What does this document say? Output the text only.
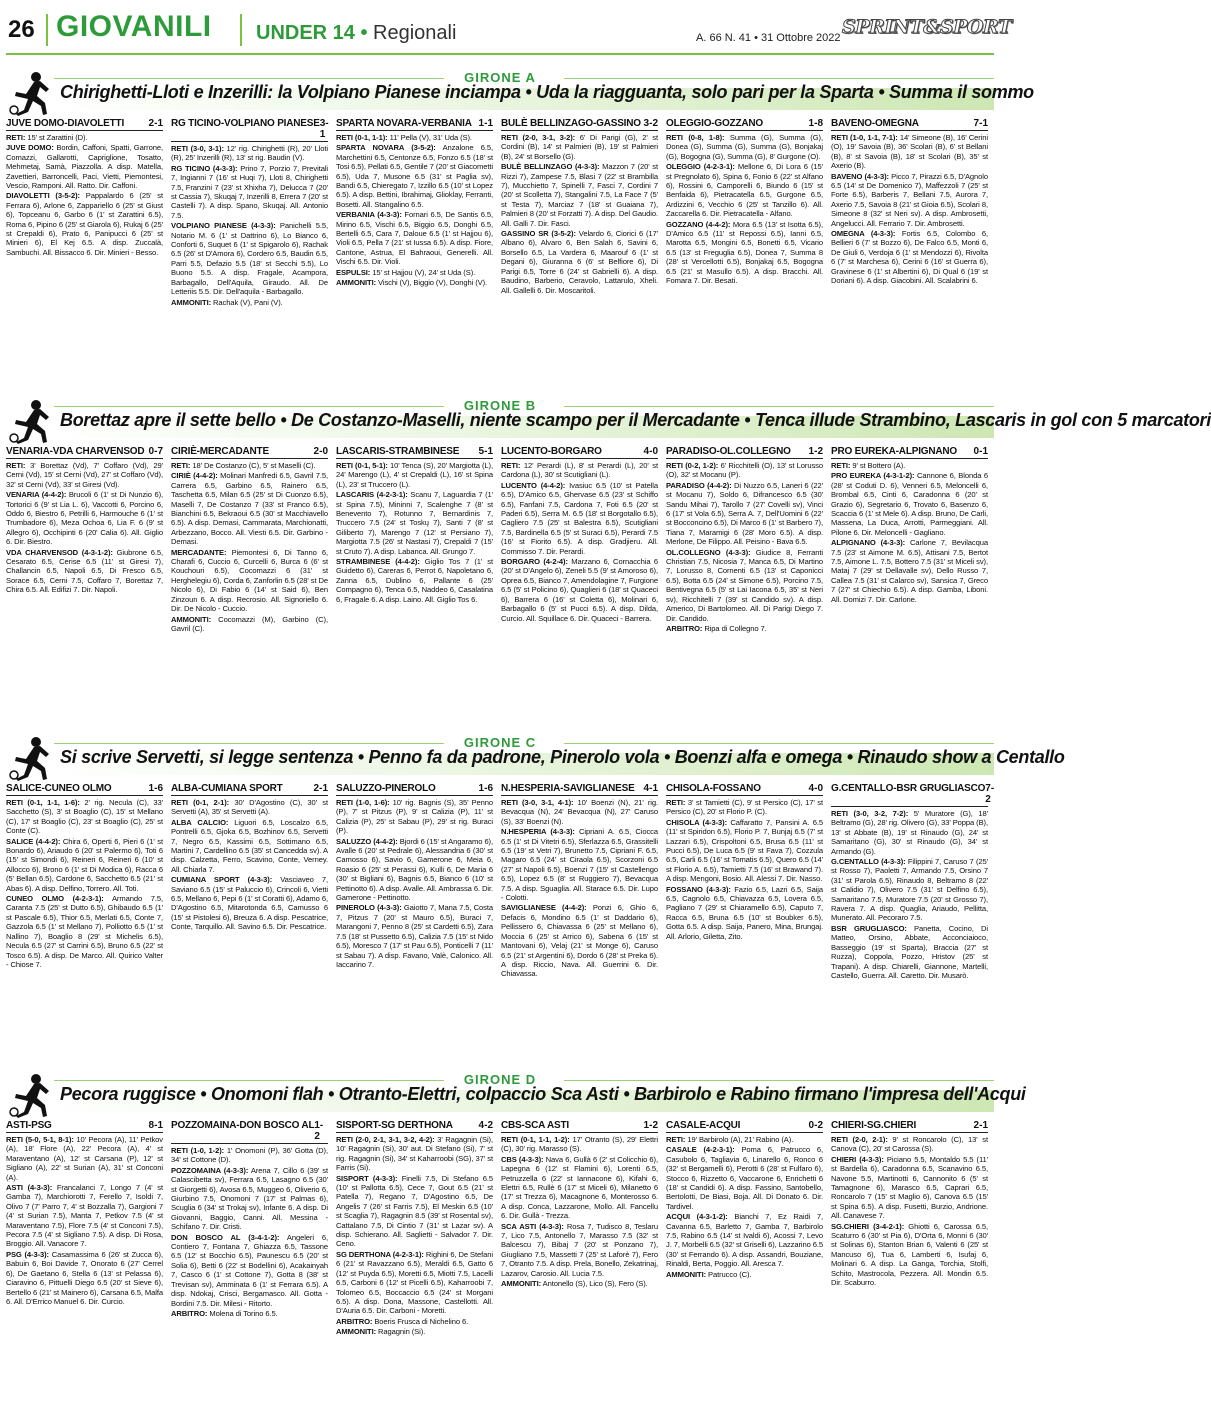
26 GIOVANILI UNDER 14 • Regionali	A. 66 N. 41 • 31 Ottobre 2022 SPRINT&SPORT
GIRONE A
Chirighetti-Lloti e Inzerilli: la Volpiano Pianese inciampa • Uda la riagguanta, solo pari per la Sparta • Summa il sommo
JUVE DOMO-DIAVOLETTI 2-1

RETI: 15' st Zarattini (D).

JUVE DOMO: Bordin, Caffoni, Spatti, Garrone, Comazzi, Gallarotti, Capriglione, Tosatto, Mehmetaj, Samà, Piazzolla. A disp. Matella, Zavettieri, Barroncelli, Paci, Vietti, Piemontesi, Vescio, Ramponi. All. Ratto. Dir. Caffoni.

DIAVOLETTI (3-5-2): Pappalardo 6 (25' st Ferrara 6), Arlone 6, Zappariello 6 (25' st Giust 6), Topceanu 6, Garbo 6 (1' st Zarattini 6.5), Roma 6, Pipino 6 (25' st Giarola 6), Rukaj 6 (25' st Crepaldi 6), Prato 6, Panipucci 6 (25' st Minieri 6), El Kej 6.5. A disp. Zuccalà, Sambuchi. All. Bissacco 6. Dir. Minieri - Besso.

RG TICINO-VOLPIANO PIANESE 3-1

RETI (3-0, 3-1): 12' rig. Chirighetti (R), 20' Lloti (R), 25' Inzerilli (R), 13' st rig. Baudin (V).

RG TICINO (4-3-3): Prino 7, Porzio 7, Previtali 7, Ingianni 7 (16' st Huqi 7), Lloti 8, Chirighetti 7.5, Franzini 7 (23' st Xhixha 7), Delucca 7 (20' st Cassia 7), Skuqaj 7, Inzerilli 8, Errera 7 (20' st Castelli 7). A disp. Spano, Skuqaj. All. Antonio 7.5.

VOLPIANO PIANESE (4-3-3): Panichelli 5.5, Notario M. 6 (1' st Dattrino 6), Lo Bianco 6, Conforti 6, Suquet 6 (1' st Spigarolo 6), Rachak 6.5 (26' st D'Amora 6), Cordero 6.5, Baudin 6.5, Parri 5.5, Defazio 5.5 (18' st Secchi 5.5), Lo Buono 5.5. A disp. Fragale, Acampora, Barbagallo, Dell'Aquila, Giraudo. All. De Letteriis 5.5. Dir. Dell'aquila - Barbagallo.

AMMONITI: Rachak (V), Pani (V).

SPARTA NOVARA-VERBANIA 1-1

RETI (0-1, 1-1): 11' Pella (V), 31' Uda (S).

SPARTA NOVARA (3-5-2): Anzalone 6.5, Marchettini 6.5, Centonze 6.5, Fonzo 6.5 (18' st Tosi 6.5), Pellati 6.5, Gentile 7 (20' st Giacometti 6.5), Uda 7, Musone 6.5 (31' st Paglia sv), Bandi 6.5, Chieregato 7, Izzillo 6.5 (10' st Lopez 6.5). A disp. Bettini, Ibrahimaj, Glioklay, Ferranti, Bosetti. All. Stangalino 6.5.

VERBANIA (4-3-3): Fornari 6.5, De Santis 6.5, Mirino 6.5, Vischi 6.5, Biggio 6.5, Donghi 6.5, Bertelli 6.5, Cara 7, Daloue 6.5 (1' st Hajjou 6), Violi 6.5, Pella 7 (21' st Iussa 6.5). A disp. Fiore, Cantone, Astrua, El Bahraoui, Generelli. All. Vischi 6.5. Dir. Violi.

ESPULSI: 15' st Hajjou (V), 24' st Uda (S).

AMMONITI: Vischi (V), Biggio (V), Donghi (V).

BULÈ BELLINZAGO-GASSINO 3-2

RETI (2-0, 3-1, 3-2): 6' Di Parigi (G), 2' st Cordini (B), 14' st Palmieri (B), 19' st Palmieri (B), 24' st Borsello (G).

BULÈ BELLINZAGO (4-3-3): Mazzon 7 (20' st Rizzi 7), Zampese 7.5, Blasi 7 (22' st Brambilla 7), Mucchietto 7, Spinelli 7, Fasci 7, Cordini 7 (20' st Scolletta 7), Stangalini 7.5, La Face 7 (5' st Testa 7), Marciaz 7 (18' st Guaiana 7), Palmieri 8 (20' st Forzatti 7). A disp. Del Gaudio. All. Galli 7. Dir. Fasci.

GASSINO SR (3-5-2): Velardo 6, Ciorici 6 (17' Albano 6), Alvaro 6, Ben Salah 6, Savini 6, Borsello 6.5, La Vardera 6, Maarouf 6 (1' st Degani 6), Giuranna 6 (6' st Belfiore 6), Di Parigi 6.5, Torre 6 (24' st Gabrielli 6). A disp. Baudino, Barberio, Ceravolo, Lattarulo, Xheli. All. Gallelli 6. Dir. Moscaritoli.

OLEGGIO-GOZZANO	1-8

RETI (0-8, 1-8): Summa (G), Summa (G), Donea (G), Summa (G), Summa (G), Bonjakaj (G), Bogogna (G), Summa (G), 8' Gurgone (O).

OLEGGIO (4-2-3-1): Mellone 6, Di Lora 6 (15' st Pregnolato 6), Spina 6, Fonio 6 (22' st Alfano 6), Rossini 6, Camporelli 6, Biundo 6 (15' st Benfaida 6), Pietracatella 6.5, Gurgone 6.5, Ardizzini 6, Vecchio 6 (25' st Tanzillo 6). All. Zaccarella 6. Dir. Pietracatella - Alfano.

GOZZANO (4-4-2): Mora 6.5 (13' st Isotta 6.5), D'Amico 6.5 (11' st Repossi 6.5), Ianni 6.5, Marotta 6.5, Mongini 6.5, Bonetti 6.5, Vicario 6.5 (13' st Freguglia 6.5), Donea 7, Summa 8 (28' st Vercellotti 6.5), Bonjakaj 6.5, Bogogna 6.5 (21' st Masullo 6.5). A disp. Bracchi. All. Fomara 7. Dir. Besati.

BAVENO-OMEGNA	7-1

RETI (1-0, 1-1, 7-1): 14' Simeone (B), 16' Cerini (O), 19' Savoia (B), 36' Scolari (B), 6' st Bellani (B), 8' st Savoia (B), 18' st Scolari (B), 35' st Axerio (B).

BAVENO (4-3-3): Picco 7, Pirazzi 6.5, D'Agnolo 6.5 (14' st De Domenico 7), Maffezzoli 7 (25' st Forte 6.5), Barberis 7, Bellani 7.5, Aurora 7, Axerio 7.5, Savoia 8 (21' st Gioia 6.5), Scolari 8, Simeone 8 (32' st Neri sv). A disp. Ambrosetti, Angelucci. All. Ferrario 7. Dir. Ambrosetti.

OMEGNA (4-3-3): Fortis 6.5, Colombo 6, Bellieri 6 (7' st Bozzo 6), De Falco 6.5, Monti 6, De Giuli 6, Verdoja 6 (1' st Mendozzi 6), Rivolta 6 (7' st Marchesa 6), Cerini 6 (16' st Guerra 6), Gravinese 6 (1' st Albertini 6), Di Qual 6 (19' st Doriani 6). A disp. Giacobini. All. Scalabrini 6.

GIRONE B
Borettaz apre il sette bello • De Costanzo-Maselli, niente scampo per il Mercadante • Tenca illude Strambino, Lascaris in gol con 5 marcatori
VENARIA-VDA CHARVENSOD 0-7

RETI: 3' Borettaz (Vd), 7' Coffaro (Vd), 29' Cerni (Vd), 15' st Cerni (Vd), 27' st Coffaro (Vd), 32' st Cerni (Vd), 33' st Giresi (Vd).

VENARIA (4-4-2): Brucoli 6 (1' st Di Nunzio 6), Tortorici 6 (9' st Lia L. 6), Vaccotti 6, Porcino 6, Oddo 6, Biestro 6, Petrilli 6, Harmouche 6 (1' st Trumbadore 6), Meza Ochoa 6, Lia F. 6 (9' st Allegro 6), Occhipinti 6 (20' Calia 6). All. Giglio 6. Dir. Biestro.

VDA CHARVENSOD (4-3-1-2): Giubrone 6.5, Cesarato 6.5, Cerise 6.5 (11' st Giresi 7), Challancin 6.5, Napoli 6.5, Di Fresco 6.5, Sorace 6.5, Cerni 7.5, Coffaro 7, Borettaz 7, Chira 6.5. All. Edifizi 7. Dir. Napoli.

CIRIÈ-MERCADANTE	2-0

RETI: 18' De Costanzo (C), 5' st Maselli (C).

CIRIÈ (4-4-2): Molinari Manfredi 6.5, Gavril 7.5, Carrera 6.5, Garbino 6.5, Rainero 6.5, Taschetta 6.5, Milan 6.5 (25' st Di Cuonzo 6.5), Maselli 7, De Costanzo 7 (33' st Franco 6.5), Bianchini 6.5, Bekraoui 6.5 (30' st Macchiavello 6.5). A disp. Demasi, Cammarata, Marchionatti, Arbezzano, Bocco. All. Viesti 6.5. Dir. Garbino - Demasi.

MERCADANTE: Piemontesi 6, Di Tanno 6, Charafi 6, Cuccio 6, Curcelli 6, Burca 6 (6' st Kouchouri 6.5), Cocomazzi 6 (31' st Herghelegiu 6), Corda 6, Zanforlin 6.5 (28' st De Nicolo 6), Di Fabio 6 (14' st Said 6), Ben Zinzoun 6. A disp. Recrosio. All. Signoriello 6. Dir. De Nicolo - Cuccio.

AMMONITI: Cocomazzi (M), Garbino (C), Gavril (C).

LASCARIS-STRAMBINESE 5-1

RETI (0-1, 5-1): 10' Tenca (S), 20' Margiotta (L), 24' Marengo (L), 4' st Crepaldi (L), 16' st Spina (L), 23' st Truccero (L).

LASCARIS (4-2-3-1): Scanu 7, Laguardia 7 (1' st Spina 7.5), Mininni 7, Scalenghe 7 (8' st Benevento 7), Rotunno 7, Bernardinis 7, Truccero 7.5 (24' st Toskų 7), Santi 7 (8' st Giliberto 7), Marengo 7 (12' st Persiano 7), Margiotta 7.5 (26' st Nastasi 7), Crepaldi 7 (15' st Cruto 7). A disp. Labanca. All. Grungo 7.

STRAMBINESE (4-4-2): Giglio Tos 7 (1' st Guidetto 6), Careras 6, Perrot 6, Napoletano 6, Zanna 6.5, Dublino 6, Pallante 6 (25' Compagno 6), Tenca 6.5, Naddeo 6, Casalatina 6, Fragale 6. A disp. Laino. All. Giglio Tos 6.

LUCENTO-BORGARO	4-0

RETI: 12' Perardi (L), 8' st Perardi (L), 20' st Cardona (L), 30' st Scutigliani (L).

LUCENTO (4-4-2): Ivasiuc 6.5 (10' st Patella 6.5), D'Amico 6.5, Ghervase 6.5 (23' st Schiffo 6.5), Fanfani 7.5, Cardona 7, Foti 6.5 (20' st Paderi 6.5), Serra M. 6.5 (18' st Borgotallo 6.5), Cagliero 7.5 (25' st Balestra 6.5), Scutigliani 7.5, Bardinella 6.5 (5' st Suraci 6.5), Perardi 7.5 (16' st Fiorito 6.5). A disp. Gradjieru. All. Commisso 7. Dir. Perardi.

BORGARO (4-2-4): Marzano 6, Cornacchia 6 (20' st D'Angelo 6), Zeneli 5.5 (9' st Amoroso 6), Oprea 6.5, Bianco 7, Amendolagine 7, Furgione 6.5 (5' st Policino 6), Quaglieri 6 (18' st Quaceci 6), Barrera 6 (16' st Coletta 6), Molinari 6, Barbagallo 6 (5' st Pucci 6.5). A disp. Dilda, Curcio. All. Squillace 6. Dir. Quaceci - Barrera.

PARADISO-OL.COLLEGNO 1-2

RETI (0-2, 1-2): 6' Ricchitelli (O), 13' st Lorusso (O), 32' st Mocanu (P).

PARADISO (4-4-2): Di Nuzzo 6.5, Laneri 6 (22' st Mocanu 7), Soldo 6, Difrancesco 6.5 (30' Sandu Mihai 7), Tarollo 7 (27' Covelli sv), Vinci 6 (17' st Vola 6.5), Serra A. 7, Dell'Uomini 6 (22' st Bocconcino 6.5), Di Marco 6 (1' st Barbero 7), Tiana 7, Maramigi 6 (28' Moro 6.5). A disp. Merlone, De Filippo. All. Peisino - Bava 6.5.

OL.COLLEGNO (4-3-3): Giudice 8, Ferranti Christian 7.5, Nicosia 7, Manca 6.5, Di Martino 7, Lorusso 8, Cornenti 6.5 (13' st Caponicci 6.5), Botta 6.5 (24' st Simone 6.5), Porcino 7.5, Bentivegna 6.5 (5' st Lai Iacona 6.5, 35' st Neri sv), Ricchitelli 7 (39' st Candido sv). A disp. Americo, Di Bartolomeo. All. Di Parigi Diego 7. Dir. Candido.

ARBITRO: Ripa di Collegno 7.

PRO EUREKA-ALPIGNANO 0-1

RETI: 9' st Bottero (A).

PRO EUREKA (4-3-1-2): Cannone 6, Blonda 6 (28' st Coduti D. 6), Venneri 6.5, Meloncelli 6, Brombal 6.5, Cinti 6, Caradonna 6 (20' st Grazio 6), Segretario 6, Trovato 6, Basenzo 6, Scaccia 6 (1' st Mele 6). A disp. Bruno, De Carli, Massena, La Duca, Arrotti, Parmeggiani. All. Pilone 6. Dir. Meloncelli - Gagliano.

ALPIGNANO (4-3-3): Carlone 7, Bevilacqua 7.5 (23' st Aimone M. 6.5), Attisani 7.5, Bertot 7.5, Aimone L. 7.5, Bottero 7.5 (31' st Miceli sv), Mataj 7 (29' st Dellavalle sv), Dello Russo 7, Callea 7.5 (31' st Calarco sv), Sansica 7, Greco 7 (27' st Chiechio 6.5). A disp. Gamba, Liboni. All. Domizi 7. Dir. Carlone.

GIRONE C
Si scrive Servetti, si legge sentenza • Penno fa da padrone, Pinerolo vola • Boenzi alfa e omega • Rinaudo show a Centallo
SALICE-CUNEO OLMO	1-6

RETI (0-1, 1-1, 1-6): 2' rig. Necula (C), 33' Sacchetto (S), 3' st Boaglio (C), 15' st Mellano (C), 17' st Boaglio (C), 23' st Boaglio (C), 25' st Conte (C).

SALICE (4-4-2): Chira 6, Operti 6, Pieri 6 (1' st Bonardo 6), Ariaudo 6 (20' st Palermo 6), Toti 6 (15' st Simondi 6), Reineri 6, Reineri 6 (10' st Allocco 6), Brono 6 (1' st Di Modica 6), Racca 6 (5' Bellan 6.5), Cardone 6, Sacchetto 6.5 (21' st Abas 6). A disp. Delfino, Torrero. All. Toti.

CUNEO OLMO (4-2-3-1): Armando 7.5, Caranta 7.5 (25' st Dutto 6.5), Ghibaudo 6.5 (1' st Pascale 6.5), Thior 6.5, Merlati 6.5, Conte 7, Gazzola 6.5 (1' st Mellano 7), Polliotto 6.5 (1' st Nallino 7), Boaglio 8 (29' st Michelis 6.5), Necula 6.5 (27' st Carrini 6.5), Bruno 6.5 (22' st Tosco 6.5). A disp. De Marco. All. Quirico Valter - Chiose 7.

ALBA-CUMIANA SPORT	2-1

RETI (0-1, 2-1): 30' D'Agostino (C), 30' st Servetti (A), 35' st Servetti (A).

ALBA CALCIO: Liguori 6.5, Loscalzo 6.5, Pontrelli 6.5, Gjoka 6.5, Bozhinov 6.5, Servetti 7, Negro 6.5, Kassimi 6.5, Sottimano 6.5, Martini 7, Cardellino 6.5 (35' st Cancedda sv). A disp. Calzetta, Ferro, Scavino, Conte, Verney. All. Chiarla 7.

CUMIANA SPORT (4-3-3): Vasciaveo 7, Saviano 6.5 (15' st Paluccio 6), Crincoli 6, Vietti 6.5, Mellano 6, Pepi 6 (1' st Coratti 6), Adamo 6, D'Agostino 6.5, Mitarotonda 6.5, Camusso 6 (15' st Pistolesi 6), Breuza 6. A disp. Pescatrice, Conte, Tarquillo. All. Savino 6.5. Dir. Pescatrice.

SALUZZO-PINEROLO	1-6

RETI (1-0, 1-6): 10' rig. Bagnis (S), 35' Penno (P), 7' st Pitzus (P), 9' st Calizia (P), 11' st Calizia (P), 25' st Sabau (P), 29' st rig. Buraci (P).

SALUZZO (4-4-2): Bjordi 6 (15' st Angaramo 6), Avalle 6 (20' st Pedrale 6), Alessandria 6 (30' st Camosso 6), Savio 6, Gamerone 6, Meia 6, Roasio 6 (25' st Perassi 6), Kulli 6, De Maria 6 (30' st Bigliani 6), Bagnis 6.5, Bianco 6 (10' st Pettinotto 6). A disp. Avalle. All. Ambrassa 6. Dir. Gamerone - Pettinotto.

PINEROLO (4-3-3): Gaiotto 7, Mana 7.5, Costa 7, Pitzus 7 (20' st Mauro 6.5), Buraci 7, Marangoni 7, Penno 8 (25' st Cardetti 6.5), Zara 7.5 (18' st Pussetto 6.5), Calizia 7.5 (15' st Nido 6.5), Moresco 7 (17' st Pau 6.5), Ponticelli 7 (11' st Sabau 7). A disp. Favano, Valè, Calonico. All. Iaccarino 7.

N.HESPERIA-SAVIGLIANESE 4-1

RETI (3-0, 3-1, 4-1): 10' Boenzi (N), 21' rig. Bevacqua (N), 24' Bevacqua (N), 27' Caruso (S), 33' Boenzi (N).

N.HESPERIA (4-3-3): Cipriani A. 6.5, Ciocca 6.5 (1' st Di Vitetri 6.5), Sferlazza 6.5, Grassitelli 6.5 (19' st Vetri 7), Brunetto 7.5, Cipriani F. 6.5, Magaro 6.5 (24' st Ciraola 6.5), Scorzoni 6.5 (27' st Napoli 6.5), Boenzi 7 (15' st Castellengo 6.5), Lopez 6.5 (8' st Ruggiero 7), Bevacqua 7.5. A disp. Sguaglia. All. Starace 6.5. Dir. Lupo - Colotti.

SAVIGLIANESE (4-4-2): Ponzi 6, Ghio 6, Defacis 6, Mondino 6.5 (1' st Daddario 6), Pellissero 6, Chiavassa 6 (25' st Mellano 6), Moccia 6 (25' st Arrico 6), Sabena 6 (15' st Mantovani 6), Velaj (21' st Monge 6), Caruso 6.5 (21' st Argentini 6), Dordo 6 (28' st Preka 6). A disp. Riccio, Nava. All. Guerrini 6. Dir. Chiavassa.

CHISOLA-FOSSANO	4-0

RETI: 3' st Tamietti (C), 9' st Persico (C), 17' st Persico (C), 20' st Florio P. (C).

CHISOLA (4-3-3): Caffaratto 7, Pansini A. 6.5 (11' st Spiridon 6.5), Florio P. 7, Bunjaj 6.5 (7' st Lazzari 6.5), Crispoltoni 6.5, Brusa 6.5 (11' st Pucci 6.5), De Luca 6.5 (9' st Fava 7), Cozzula 6.5, Carli 6.5 (16' st Tomatis 6.5), Quero 6.5 (14' st Florio A. 6.5), Tamietti 7.5 (16' st Brawand 7). A disp. Mengoni, Bosio. All. Alessi 7. Dir. Nasso.

FOSSANO (4-3-3): Fazio 6.5, Lazri 6.5, Saija 6.5, Cagnolo 6.5, Chiavazza 6.5, Lovera 6.5, Pagliano 7 (29' st Chiaramello 6.5), Caputo 7, Racca 6.5, Bruna 6.5 (10' st Boubker 6.5), Gotta 6.5. A disp. Saija, Panero, Mina, Brungaj. All. Arlorio, Giletta, Zito.

G.CENTALLO-BSR GRUGLIASCO 7-2

RETI (3-0, 3-2, 7-2): 5' Muratore (G), 18' Beltramo (G), 28' rig. Olivero (G), 33' Poppa (B), 13' st Abbate (B), 19' st Rinaudo (G), 24' st Samaritano (G), 30' st Rinaudo (G), 34' st Armando (G).

G.CENTALLO (4-3-3): Filippini 7, Caruso 7 (25' st Rosso 7), Paoletti 7, Armando 7.5, Orsino 7 (31' st Parola 6.5), Rinaudo 8, Beltramo 8 (22' st Calidio 7), Olivero 7.5 (31' st Delfino 6.5), Samaritano 7.5, Muratore 7.5 (20' st Grosso 7), Ravera 7. A disp. Quaglia, Ariaudo, Pellitta, Munerato. All. Pecoraro 7.5.

BSR GRUGLIASCO: Panetta, Cocino, Di Matteo, Orsino, Abbate, Acconciaioco, Basseggio (19' st Sparta), Braccia (27' st Ruzza), Coppola, Pozzo, Hristov (25' st Trapani). A disp. Chiarelli, Giannone, Martelli, Castello, Guerra. All. Caretto. Dir. Musarò.

GIRONE D
Pecora ruggisce • Onomoni flah • Otranto-Elettri, colpaccio Sca Asti • Barbirolo e Rabino firmano l'impresa dell'Acqui
ASTI-PSG	8-1

RETI (5-0, 5-1, 8-1): 10' Pecora (A), 11' Petkov (A), 18' Flore (A), 22' Pecora (A), 4' st Maraventano (A), 12' st Carsana (P), 12' st Sigliano (A), 22' st Surian (A), 31' st Conconi (A).

ASTI (4-3-3): Francalanci 7, Longo 7 (4' st Gamba 7), Marchiorotti 7, Ferello 7, Isoldi 7, Olivo 7 (7' Parro 7, 4' st Bozzalla 7), Gargioni 7 (4' st Surian 7.5), Manta 7, Petkov 7.5 (4' st Maraventano 7.5), Flore 7.5 (4' st Conconi 7.5), Pecora 7.5 (4' st Sigliano 7.5). A disp. Di Rosa, Broggio. All. Vanacore 7.

PSG (4-3-3): Casamassima 6 (26' st Zucca 6), Babuin 6, Boi Davide 7, Onorato 6 (27' Cerrel 6), De Gaetano 6, Stella 6 (13' st Pelassa 6), Ciaravino 6, Pittuelli Diego 6.5 (20' st Sieve 6), Bertello 6 (21' st Mainero 6), Carsana 6.5, Malfa 6. All. D'Errico Manuel 6. Dir. Curcio.

POZZOMAINA-DON BOSCO AL 1-2

RETI (1-0, 1-2): 1' Onomoni (P), 36' Gotta (D), 34' st Cottone (D).

POZZOMAINA (4-3-3): Arena 7, Cillo 6 (39' st Calascibetta sv), Ferrara 6.5, Lasagno 6.5 (30' st Giorgetti 6), Avosa 6.5, Muggeo 6, Oliverio 6, Giurbino 7.5, Onomoni 7 (17' st Palmas 6), Scuglia 6 (34' st Trokaj sv), Infante 6. A disp. Di Giovanni, Baggio, Canni. All. Messina - Schifano 7. Dir. Cristi.

DON BOSCO AL (3-4-1-2): Angeleri 6, Contiero 7, Fontana 7, Ghiazza 6.5, Tassone 6.5 (12' st Bocchio 6.5), Paunescu 6.5 (20' st Solia 6), Betti 6 (22' st Bodellini 6), Acakainyah 7, Casco 6 (1' st Cottone 7), Gotta 8 (38' st Trevisan sv), Amminata 6 (1' st Ferrara 6.5). A disp. Ndokaj, Crisci, Bergamasco. All. Gotta - Bordini 7.5. Dir. Milesi - Ritorto.

ARBITRO: Molena di Torino 6.5.

SISPORT-SG DERTHONA	4-2

RETI (2-0, 2-1, 3-1, 3-2, 4-2): 3' Ragagnin (Si), 10' Ragagnin (Si), 30' aut. Di Stefano (Si), 7' st rig. Ragagnin (Si), 34' st Kaharroobi (SG), 37' st Farris (Si).

SISPORT (4-3-3): Finelli 7.5, Di Stefano 6.5 (10' st Pallotta 6.5), Cece 7, Gout 6.5 (21' st Patella 7), Regano 7, D'Agostino 6.5, De Angelis 7 (26' st Farris 7.5), El Meskin 6.5 (10' st Scaglia 7), Ragagnin 8.5 (39' st Rosental sv), Cattalano 7.5, Di Cintio 7 (31' st Lazar sv). A disp. Schierano. All. Saglietti - Salvador 7. Dir. Ceno.

SG DERTHONA (4-2-3-1): Righini 6, De Stefani 6 (21' st Ravazzano 6.5), Meraldi 6.5, Gatto 6 (12' st Puyda 6.5), Moretti 6.5, Miotti 7.5, Lacelli 6.5, Carboni 6 (12' st Picelli 6.5), Kaharroobi 7, Tolomeo 6.5, Boccaccio 6.5 (24' st Morgani 6.5). A disp. Dona, Massone, Castellotti. All. D'Auria 6.5. Dir. Carboni - Moretti.

ARBITRO: Boeris Frusca di Nichelino 6.

AMMONITI: Ragagnin (Si).

CBS-SCA ASTI	1-2

RETI (0-1, 1-1, 1-2): 17' Otranto (S), 29' Elettri (C), 30' rig. Marasso (S).

CBS (4-3-3): Nava 6, Gullà 6 (2' st Colicchio 6), Lapegna 6 (12' st Flamini 6), Lorenti 6.5, Petruzzella 6 (22' st Iannacone 6), Kifahi 6, Elettri 6.5, Rullè 6 (17' st Miceli 6), Milanetto 6 (17' st Trezza 6), Macagnone 6, Monterosso 6. A disp. Conca, Lazzarone, Mollo. All. Fancellu 6. Dir. Gullà - Trezza.

SCA ASTI (4-3-3): Rosa 7, Tudisco 8, Teslaru 7, Lico 7.5, Antonello 7, Marasso 7.5 (32' st Balcescu 7), Bibaj 7 (20' st Ponzano 7), Giugliano 7.5, Massetti 7 (25' st Laforè 7), Fero 7, Otranto 7.5. A disp. Prela, Bonello, Zekatrinaj, Lazarov, Carosio. All. Lucia 7.5.

AMMONITI: Antonello (S), Lico (S), Fero (S).

CASALE-ACQUI	0-2

RETI: 19' Barbirolo (A), 21' Rabino (A).

CASALE (4-2-3-1): Poma 6, Patrucco 6, Casubolo 6, Tagliavia 6, Linarello 6, Ronco 6 (32' st Bergamelli 6), Perotti 6 (28' st Fulfaro 6), Stocco 6, Rizzetto 6, Vaccarone 6, Enrichetti 6 (18' st Candidi 6). A disp. Fassino, Santobello, Bertolotti, De Biasi, Boja. All. Di Donato 6. Dir. Tardivel.

ACQUI (4-3-1-2): Bianchi 7, Ez Raidi 7, Cavanna 6.5, Barletto 7, Gamba 7, Barbirolo 7.5, Rabino 6.5 (14' st Ivaldi 6), Acossi 7, Levo J. 7, Morbelli 6.5 (32' st Griselli 6), Lazzarino 6.5 (30' st Ferrando 6). A disp. Assandri, Bouziane, Rinaldi, Berta, Poggio. All. Aresca 7.

AMMONITI: Patrucco (C).

CHIERI-SG.CHIERI	2-1

RETI (2-0, 2-1): 9' st Roncarolo (C), 13' st Canova (C), 20' st Carossa (S).

CHIERI (4-3-3): Piciano 5.5, Montaldo 5.5 (11' st Bardella 6), Caradonna 6.5, Scanavino 6.5, Navone 5.5, Martinotti 6, Cannonito 6 (5' st Tamagnone 6), Marasco 6.5, Caprari 6.5, Roncarolo 7 (15' st Maglio 6), Canova 6.5 (15' st Spina 6.5). A disp. Fusetti, Burzio, Andrione. All. Canavese 7.

SG.CHIERI (3-4-2-1): Ghiotti 6, Carossa 6.5, Scaturro 6 (30' st Pia 6), D'Orta 6, Monni 6 (30' st Solinas 6), Stanton Brian 6, Valenti 6 (25' st Mancuso 6), Tua 6, Lamberti 6, Isufaj 6, Molinari 6. A disp. La Ganga, Torchia, Stolfi, Schito, Mastrocola, Pezzera. All. Mondin 6.5. Dir. Scaburro.
